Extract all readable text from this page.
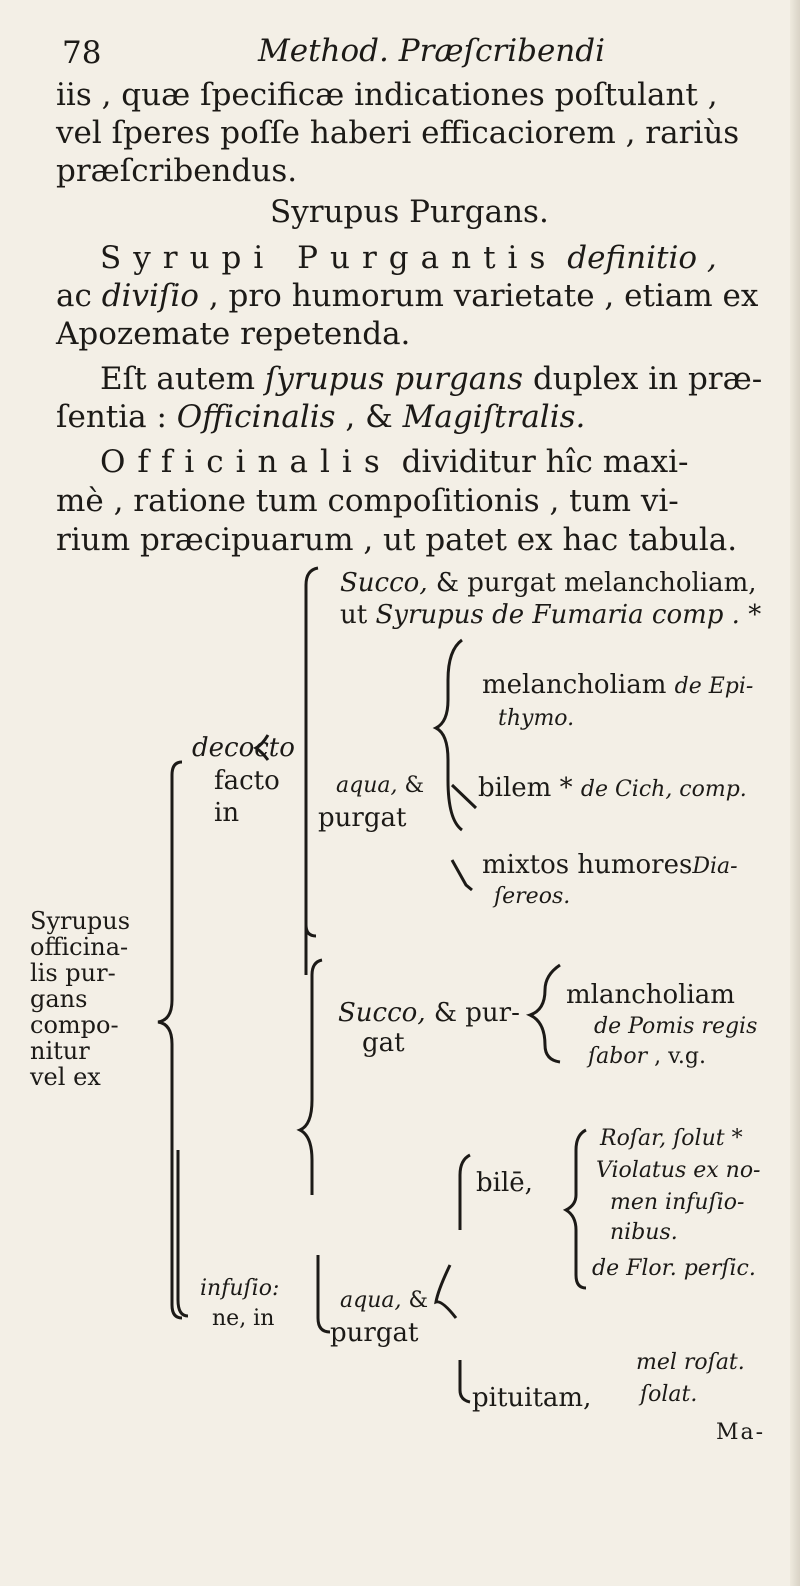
78	Method. Præſcribendi
iis , quæ ſpecificæ indicationes poſtulant ,
vel ſperes poſſe haberi efficaciorem , rariùs
præſcribendus.
Syrupus Purgans.
Syrupi Purgantis definitio ,
ac diviſio , pro humorum varietate , etiam ex
Apozemate repetenda.
Eſt autem ſyrupus purgans duplex in præ-
ſentia : Officinalis , & Magiſtralis.
Officinalis dividitur hîc maxi-
mè , ratione tum compoſitionis , tum vi-
rium præcipuarum , ut patet ex hac tabula.
Syrupus
officina-
lis pur-
gans
compo-
nitur
vel ex
Succo, & purgat melancholiam,
ut Syrupus de Fumaria comp . *
decocto
facto
in
aqua, &
purgat
melancholiam de Epi-
thymo.
bilem * de Cich, comp.
mixtos humoresDia-
ſereos.
Succo, & pur-
gat
mlancholiam
de Pomis regis
ſabor , v.g.
infuſio:
ne, in
aqua, &
purgat
bilē,
Roſar, ſolut *
Violatus ex no-
men infuſio-
nibus.
de Flor. perſic.
pituitam,
mel roſat.
ſolat.
Ma-
